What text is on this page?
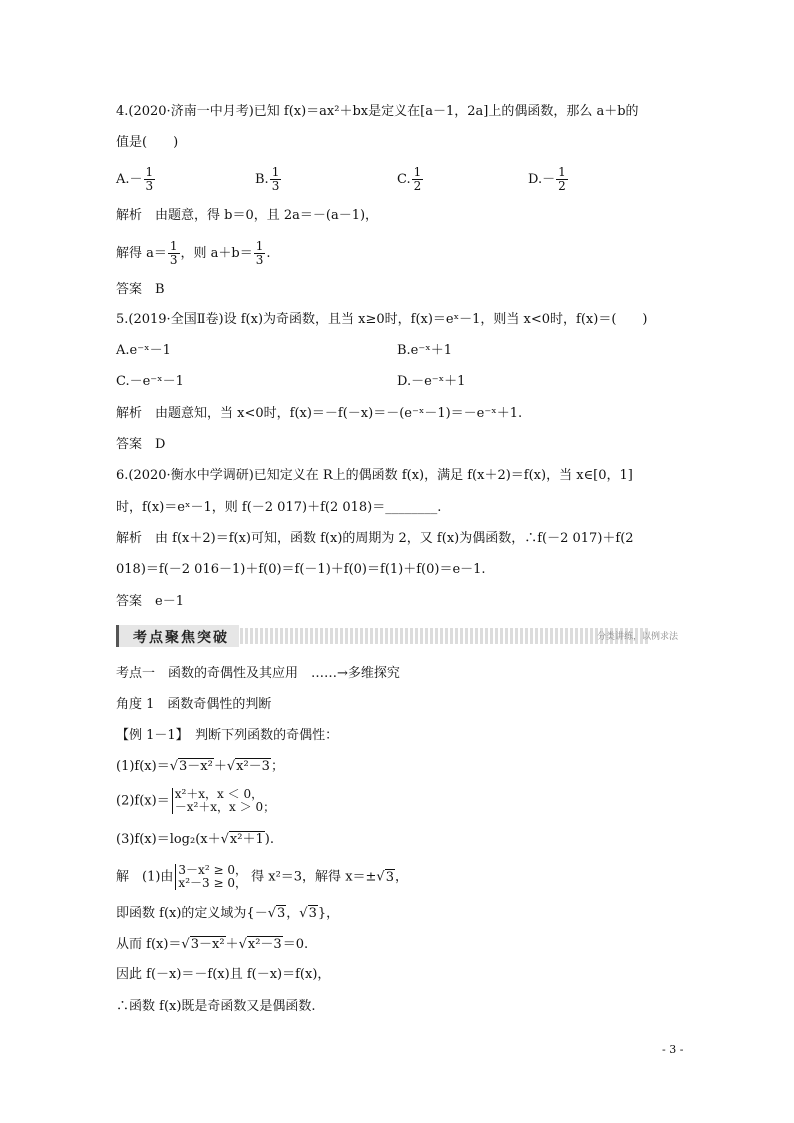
4.(2020·济南一中月考)已知 f(x)＝ax²＋bx是定义在[a－1，2a]上的偶函数，那么 a＋b的
值是(　　)
$A.- \frac{1}{3}$	B. $\frac{1}{3}$	C. $\frac{1}{2}$	$D.- \frac{1}{2}$
解析　由题意，得 b＝0，且 2a＝－(a－1)，
解得 $a= \frac{1}{3}$ ，则 $a+b= \frac{1}{3}$ .
答案　B
5.(2019·全国Ⅱ卷)设 f(x)为奇函数，且当 x≥0时，f(x)＝eˣ－1，则当 x<0时，f(x)＝(　　)
A.e⁻ˣ－1	B.e⁻ˣ＋1
C.－e⁻ˣ－1	D.－e⁻ˣ＋1
解析　由题意知，当 x<0时，f(x)＝－f(－x)＝－(e⁻ˣ－1)＝－e⁻ˣ＋1.
答案　D
6.(2020·衡水中学调研)已知定义在 R上的偶函数 f(x)，满足 f(x＋2)＝f(x)，当 x∈[0，1]
时，f(x)＝eˣ－1，则 f(－2 017)＋f(2 018)＝________.
解析　由 f(x＋2)＝f(x)可知，函数 f(x)的周期为 2，又 f(x)为偶函数，∴f(－2 017)＋f(2
018)＝f(－2 016－1)＋f(0)＝f(－1)＋f(0)＝f(1)＋f(0)＝e－1.
答案　e－1
考点聚焦突破	分类讲练，以例求法
考点一　函数的奇偶性及其应用　……→多维探究
角度 1　函数奇偶性的判断
【例 1－1】　判断下列函数的奇偶性：
(1)f(x)＝√3－x²＋√x²－3；
(2)f(x)＝ x²＋x，x ＜ 0，
－x²＋x，x ＞ 0；
(3)f(x)＝log₂(x＋√x²＋1).
解　(1)由 3－x² ≥ 0，
x²－3 ≥ 0， 得 x²＝3，解得 x＝±√3，
即函数 f(x)的定义域为{－√3，√3}，
从而 f(x)＝√3－x²＋√x²－3＝0.
因此 f(－x)＝－f(x)且 f(－x)＝f(x)，
∴函数 f(x)既是奇函数又是偶函数.
- 3 -
